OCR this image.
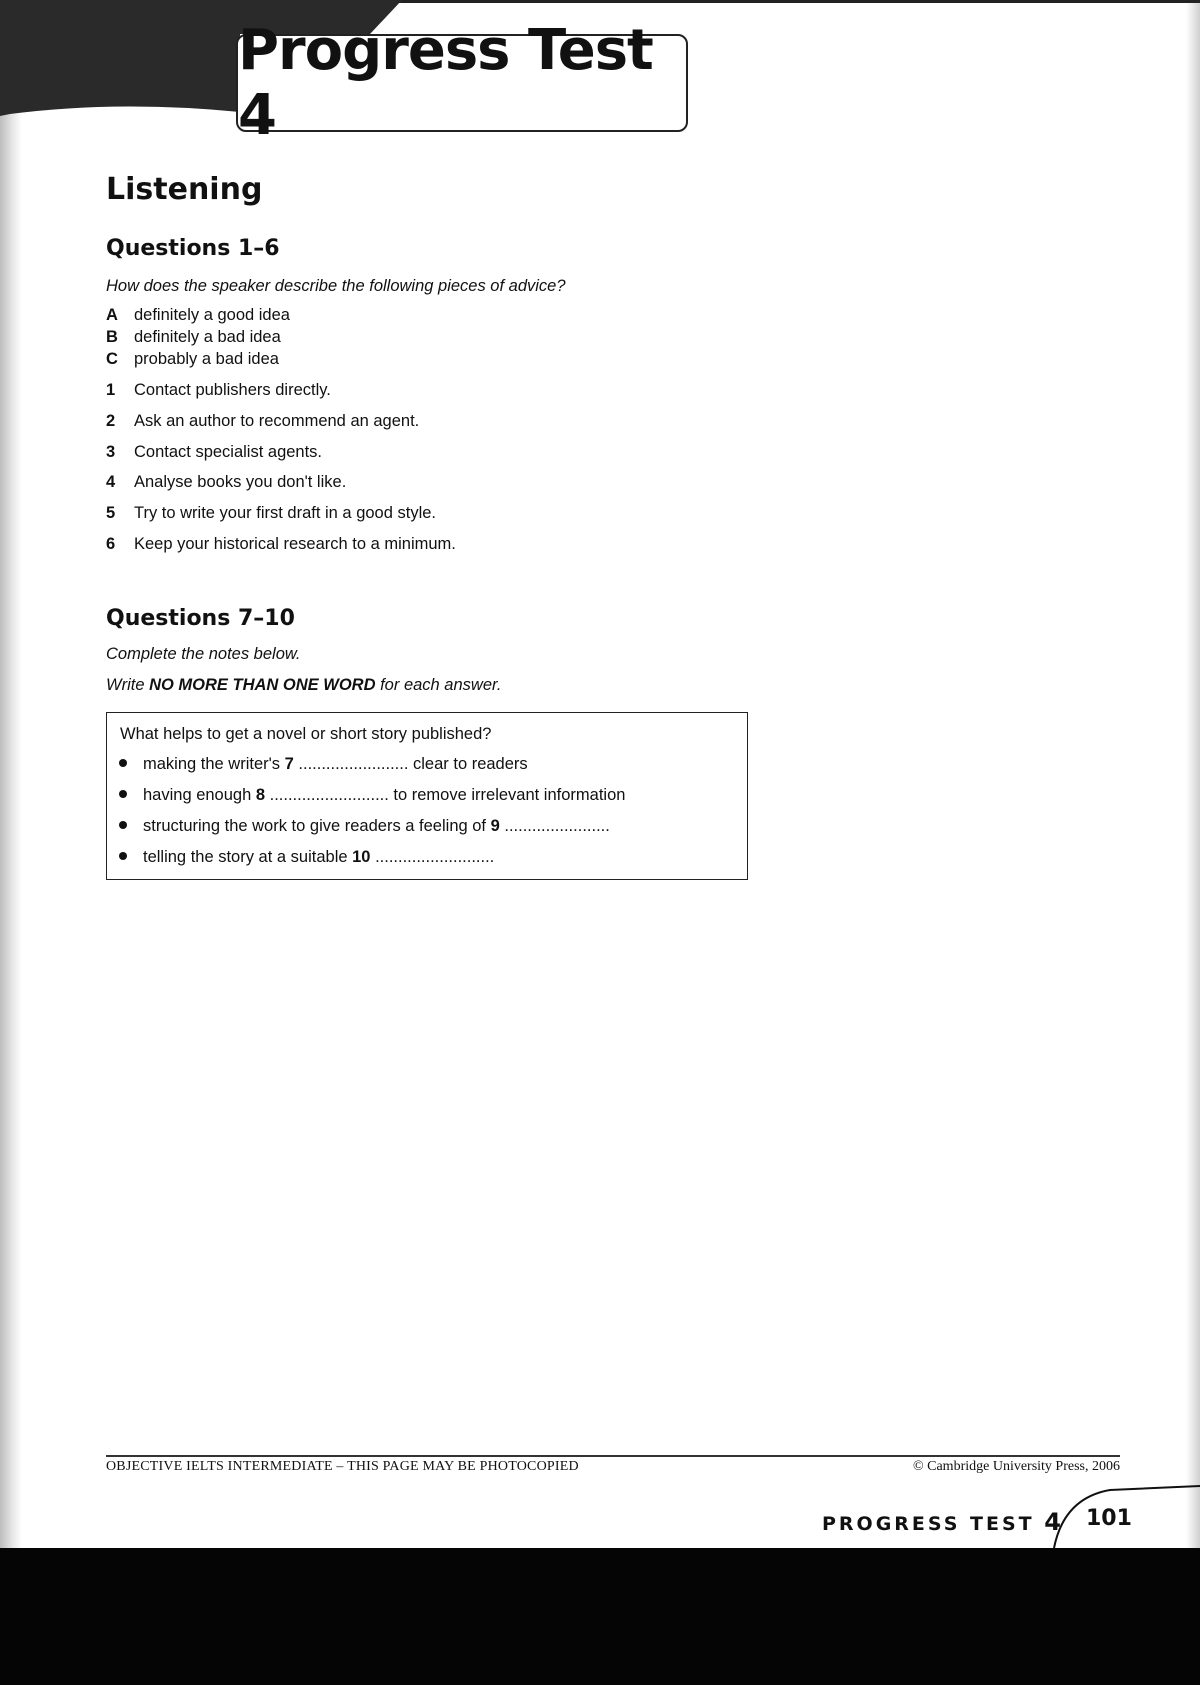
Progress Test 4
Listening
Questions 1–6

How does the speaker describe the following pieces of advice?

A definitely a good idea
B definitely a bad idea
C probably a bad idea
1 Contact publishers directly.
2 Ask an author to recommend an agent.
3 Contact specialist agents.
4 Analyse books you don't like.
5 Try to write your first draft in a good style.
6 Keep your historical research to a minimum.
Questions 7–10

Complete the notes below.

Write NO MORE THAN ONE WORD for each answer.

What helps to get a novel or short story published?
making the writer's 7 ........................ clear to readers
having enough 8 .......................... to remove irrelevant information
structuring the work to give readers a feeling of 9 .......................
telling the story at a suitable 10 ..........................
OBJECTIVE IELTS INTERMEDIATE – THIS PAGE MAY BE PHOTOCOPIED	© Cambridge University Press, 2006
PROGRESS TEST 4 101
